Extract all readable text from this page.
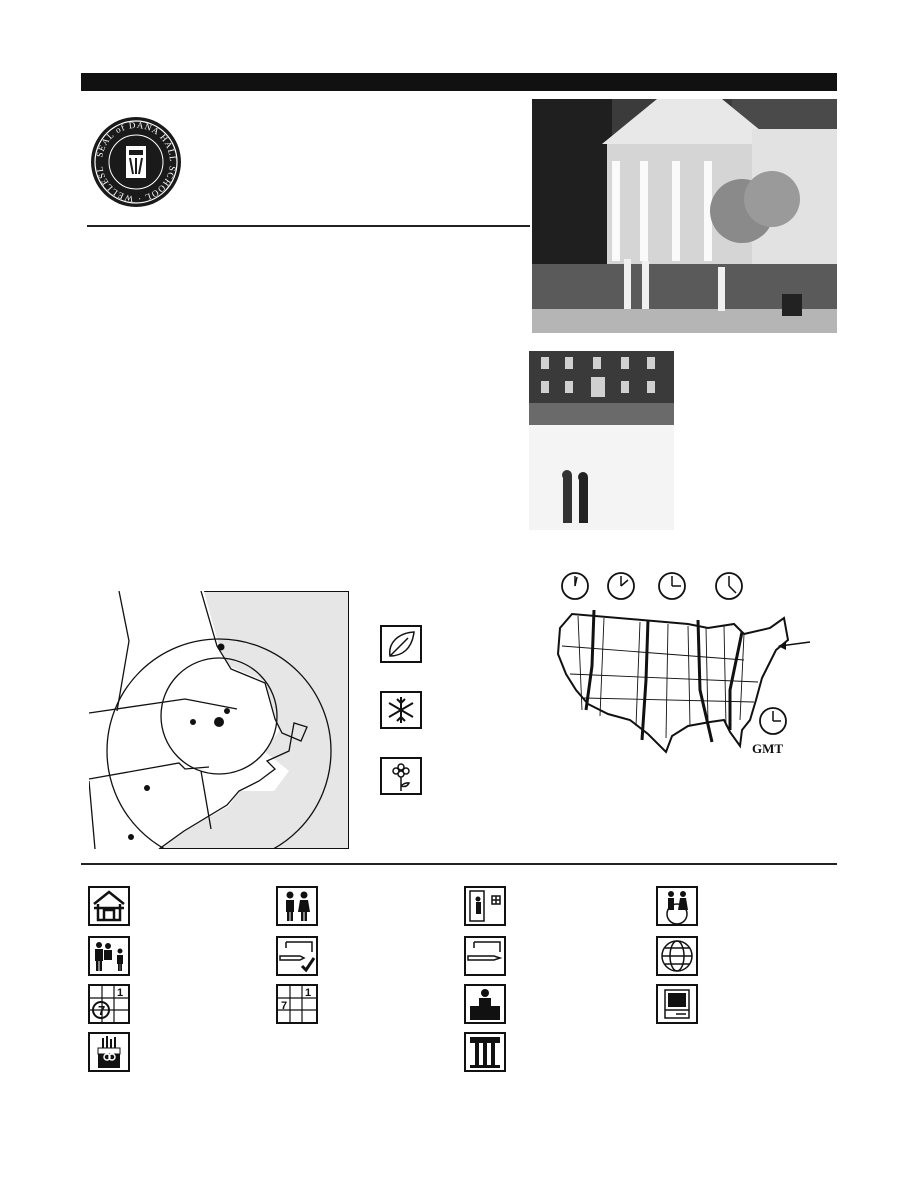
SEAL of DANA HALL SCHOOL · WELLESL
GMT
7
1
7
1
